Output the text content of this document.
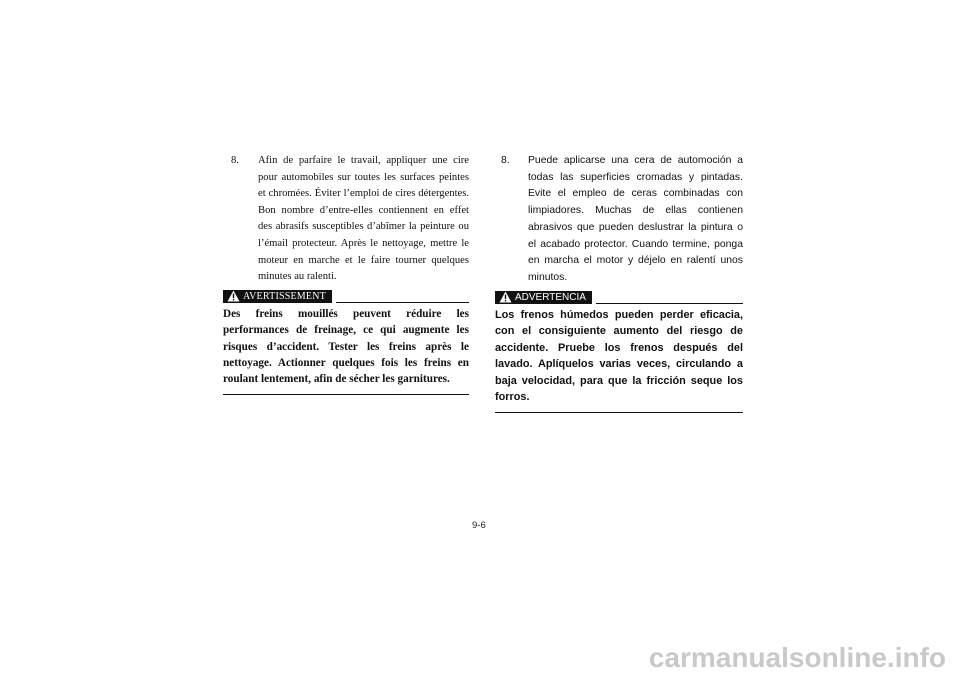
8.	Afin de parfaire le travail, appliquer une cire pour automobiles sur toutes les surfaces peintes et chromées. Éviter l’emploi de cires détergentes. Bon nombre d’entre-elles contiennent en effet des abrasifs susceptibles d’abîmer la peinture ou l’émail protecteur. Après le nettoyage, mettre le moteur en marche et le faire tourner quelques minutes au ralenti.
AVERTISSEMENT

Des freins mouillés peuvent réduire les performances de freinage, ce qui augmente les risques d’accident. Tester les freins après le nettoyage. Actionner quelques fois les freins en roulant lentement, afin de sécher les garnitures.

8.	Puede aplicarse una cera de automoción a todas las superficies cromadas y pintadas. Evite el empleo de ceras combinadas con limpiadores. Muchas de ellas contienen abrasivos que pueden deslustrar la pintura o el acabado protector. Cuando termine, ponga en marcha el motor y déjelo en ralentí unos minutos.
ADVERTENCIA

Los frenos húmedos pueden perder eficacia, con el consiguiente aumento del riesgo de accidente. Pruebe los frenos después del lavado. Aplíquelos varias veces, circulando a baja velocidad, para que la fricción seque los forros.

9-6
carmanualsonline.info
